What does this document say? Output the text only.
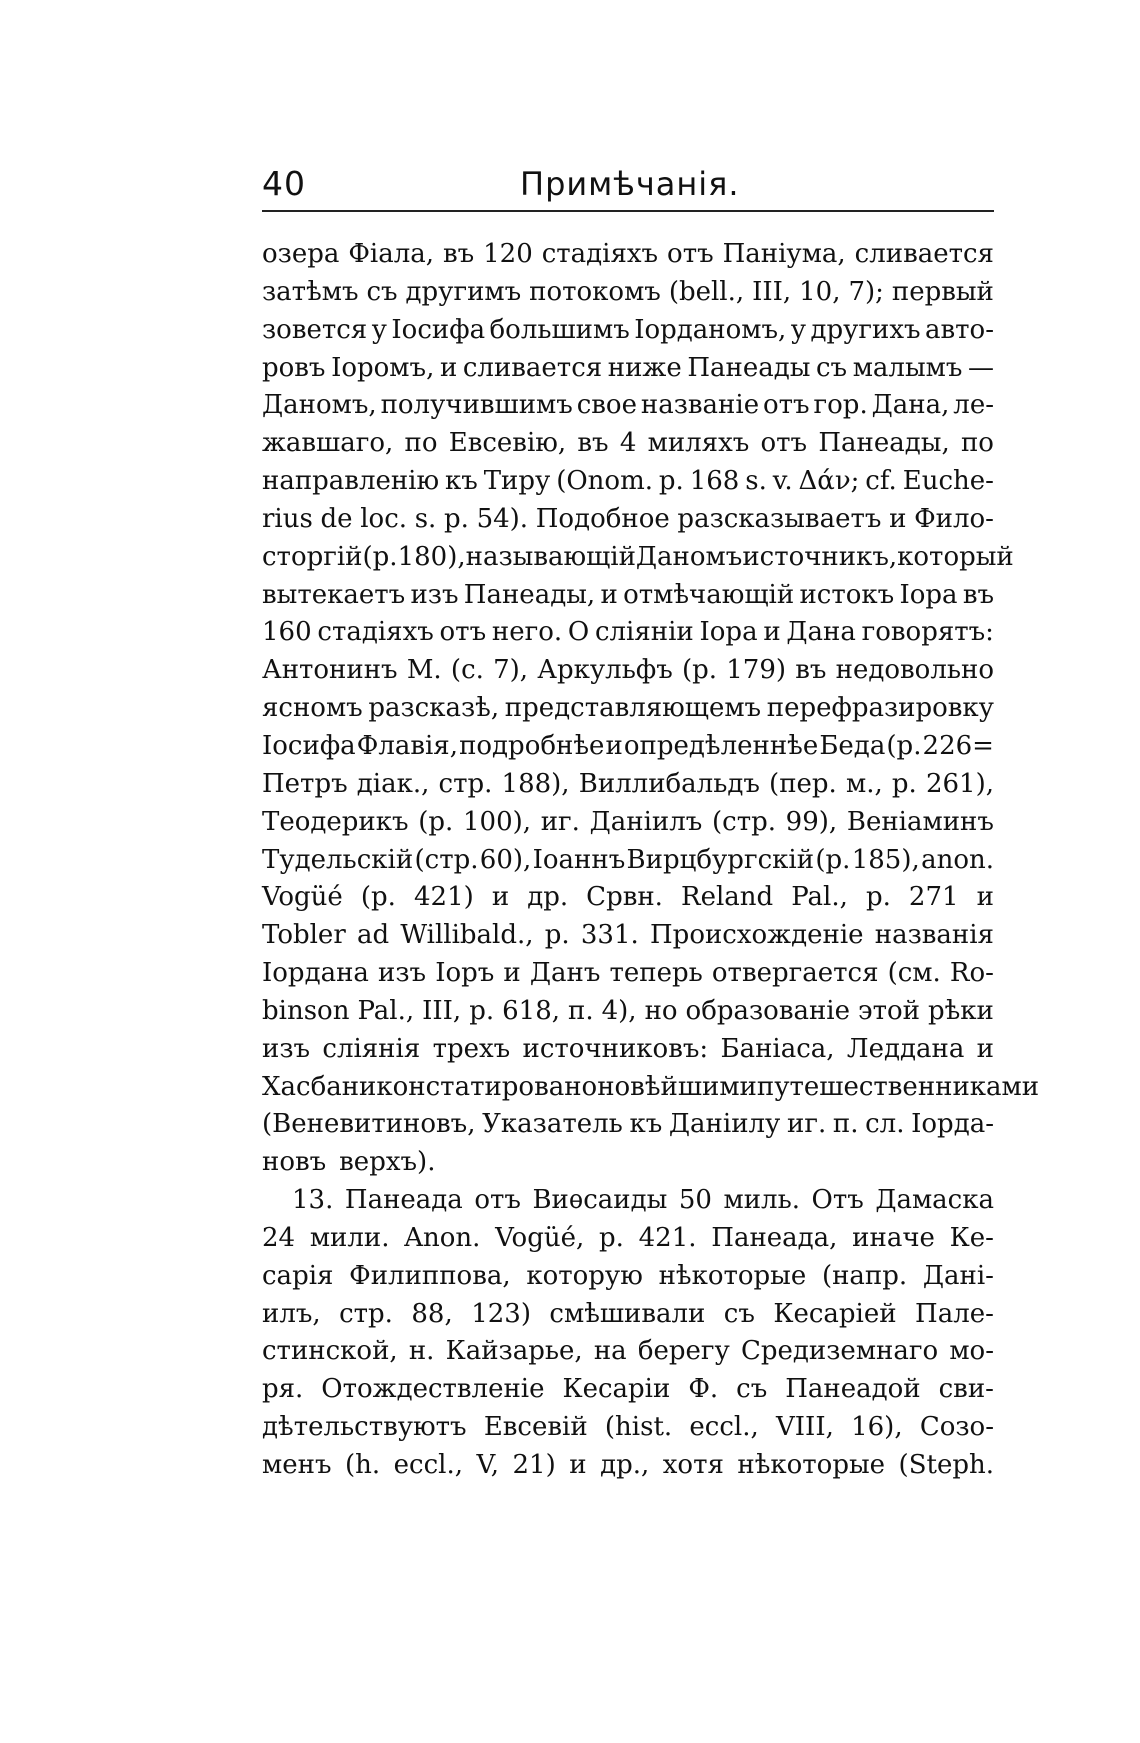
40	Примѣчанія.
озера Фіала, въ 120 стадіяхъ отъ Паніума, сливается
затѣмъ съ другимъ потокомъ (bell., III, 10, 7); первый
зовется у Іосифа большимъ Іорданомъ, у другихъ авто-
ровъ Іоромъ, и сливается ниже Панеады съ малымъ —
Даномъ, получившимъ свое названіе отъ гор. Дана, ле-
жавшаго, по Евсевію, въ 4 миляхъ отъ Панеады, по
направленію къ Тиру (Onom. p. 168 s. v. Δάν; cf. Euche-
rius de loc. s. p. 54). Подобное разсказываетъ и Фило-
сторгій (p. 180), называющій Даномъ источникъ, который
вытекаетъ изъ Панеады, и отмѣчающій истокъ Іора въ
160 стадіяхъ отъ него. О сліяніи Іора и Дана говорятъ:
Антонинъ М. (с. 7), Аркульфъ (p. 179) въ недовольно
ясномъ разсказѣ, представляющемъ перефразировку
Іосифа Флавія, подробнѣе и опредѣленнѣе Беда (p. 226=
Петръ діак., стр. 188), Виллибальдъ (пер. м., p. 261),
Теодерикъ (p. 100), иг. Даніилъ (стр. 99), Веніаминъ
Тудельскій (стр. 60), Іоаннъ Вирцбургскій (p. 185), anon.
Vogüé (p. 421) и др. Срвн. Reland Pal., p. 271 и
Tobler ad Willibald., p. 331. Происхожденіе названія
Іордана изъ Іоръ и Данъ теперь отвергается (см. Ro-
binson Pal., III, p. 618, п. 4), но образованіе этой рѣки
изъ сліянія трехъ источниковъ: Баніаса, Леддана и
Хасбани констатировано новѣйшими путешественниками
(Веневитиновъ, Указатель къ Даніилу иг. п. сл. Іорда-
новъ верхъ).
13. Панеада отъ Виѳсаиды 50 миль. Отъ Дамаска
24 мили. Anon. Vogüé, p. 421. Панеада, иначе Ке-
сарія Филиппова, которую нѣкоторые (напр. Дані-
илъ, стр. 88, 123) смѣшивали съ Кесаріей Пале-
стинской, н. Кайзарье, на берегу Средиземнаго мо-
ря. Отождествленіе Кесаріи Ф. съ Панеадой сви-
дѣтельствуютъ Евсевій (hist. eccl., VIII, 16), Созо-
менъ (h. eccl., V, 21) и др., хотя нѣкоторые (Steph.
